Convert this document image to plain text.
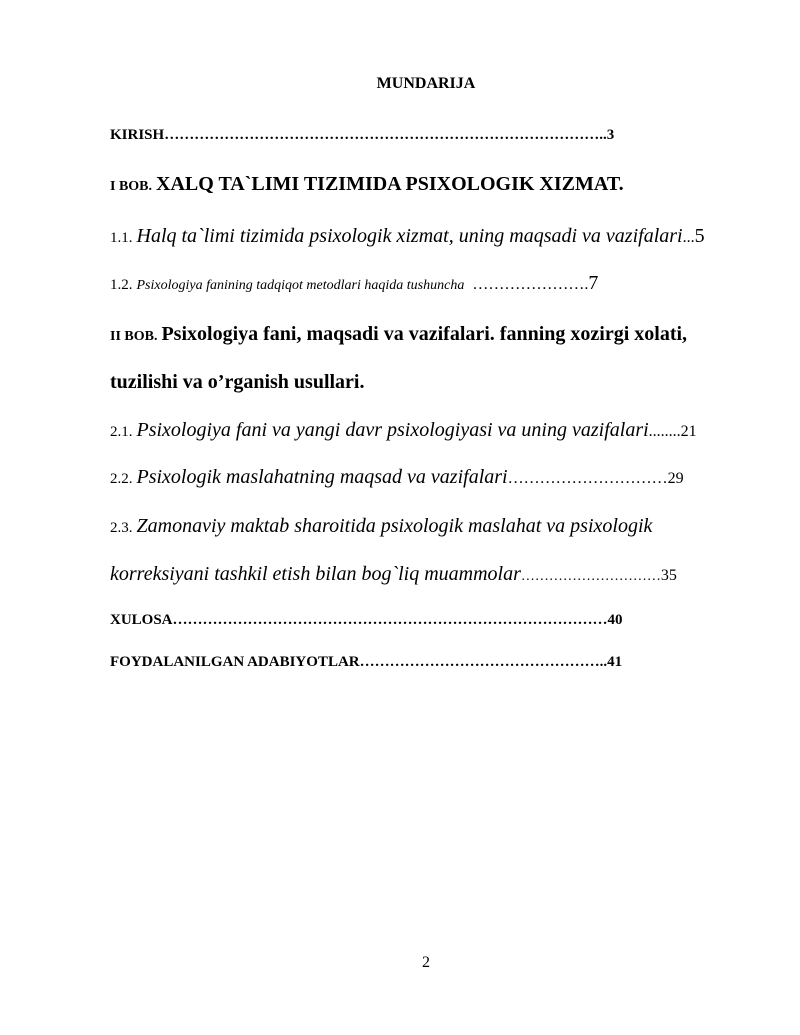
MUNDARIJA
KIRISH……………………………………………………………………………..3
I BOB. XALQ TA`LIMI TIZIMIDA PSIXOLOGIK XIZMAT.
1.1. Halq ta`limi tizimida psixologik xizmat, uning maqsadi va vazifalari...5
1.2. Psixologiya fanining tadqiqot metodlari haqida tushuncha ………………….7
II BOB. Psixologiya fani, maqsadi va vazifalari. fanning xozirgi xolati,
tuzilishi va o’rganish usullari.
2.1. Psixologiya fani va yangi davr psixologiyasi va uning vazifalari........21
2.2. Psixologik maslahatning maqsad va vazifalari…………………………29
2.3. Zamonaviy maktab sharoitida psixologik maslahat va psixologik
korreksiyani tashkil etish bilan bog`liq muammolar…………………………35
XULOSA……………………………………………………………………………40
FOYDALANILGAN ADABIYOTLAR…………………………………………..41
2
